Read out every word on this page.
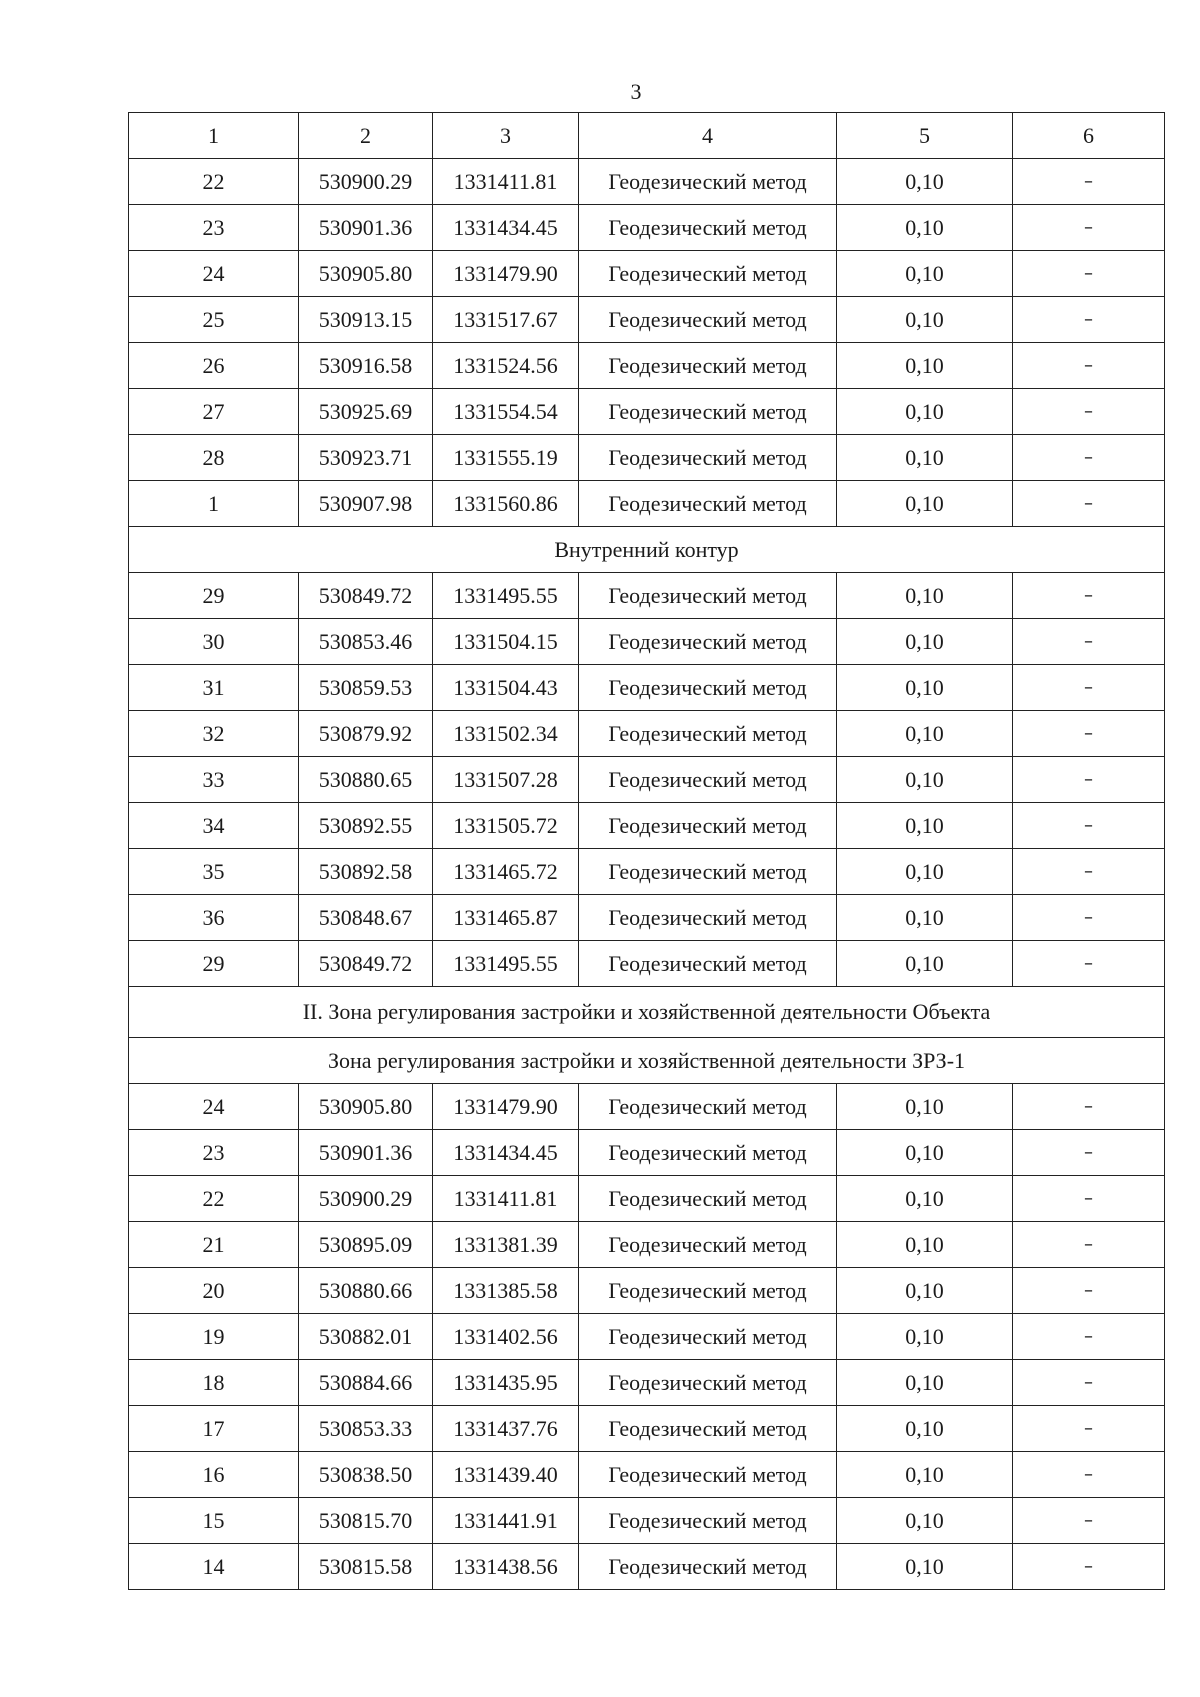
3
1	2	3	4	5	6
22	530900.29	1331411.81	Геодезический метод	0,10	–
23	530901.36	1331434.45	Геодезический метод	0,10	–
24	530905.80	1331479.90	Геодезический метод	0,10	–
25	530913.15	1331517.67	Геодезический метод	0,10	–
26	530916.58	1331524.56	Геодезический метод	0,10	–
27	530925.69	1331554.54	Геодезический метод	0,10	–
28	530923.71	1331555.19	Геодезический метод	0,10	–
1	530907.98	1331560.86	Геодезический метод	0,10	–
Внутренний контур					
29	530849.72	1331495.55	Геодезический метод	0,10	–
30	530853.46	1331504.15	Геодезический метод	0,10	–
31	530859.53	1331504.43	Геодезический метод	0,10	–
32	530879.92	1331502.34	Геодезический метод	0,10	–
33	530880.65	1331507.28	Геодезический метод	0,10	–
34	530892.55	1331505.72	Геодезический метод	0,10	–
35	530892.58	1331465.72	Геодезический метод	0,10	–
36	530848.67	1331465.87	Геодезический метод	0,10	–
29	530849.72	1331495.55	Геодезический метод	0,10	–
II. Зона регулирования застройки и хозяйственной деятельности Объекта					
Зона регулирования застройки и хозяйственной деятельности ЗРЗ-1					
24	530905.80	1331479.90	Геодезический метод	0,10	–
23	530901.36	1331434.45	Геодезический метод	0,10	–
22	530900.29	1331411.81	Геодезический метод	0,10	–
21	530895.09	1331381.39	Геодезический метод	0,10	–
20	530880.66	1331385.58	Геодезический метод	0,10	–
19	530882.01	1331402.56	Геодезический метод	0,10	–
18	530884.66	1331435.95	Геодезический метод	0,10	–
17	530853.33	1331437.76	Геодезический метод	0,10	–
16	530838.50	1331439.40	Геодезический метод	0,10	–
15	530815.70	1331441.91	Геодезический метод	0,10	–
14	530815.58	1331438.56	Геодезический метод	0,10	–
